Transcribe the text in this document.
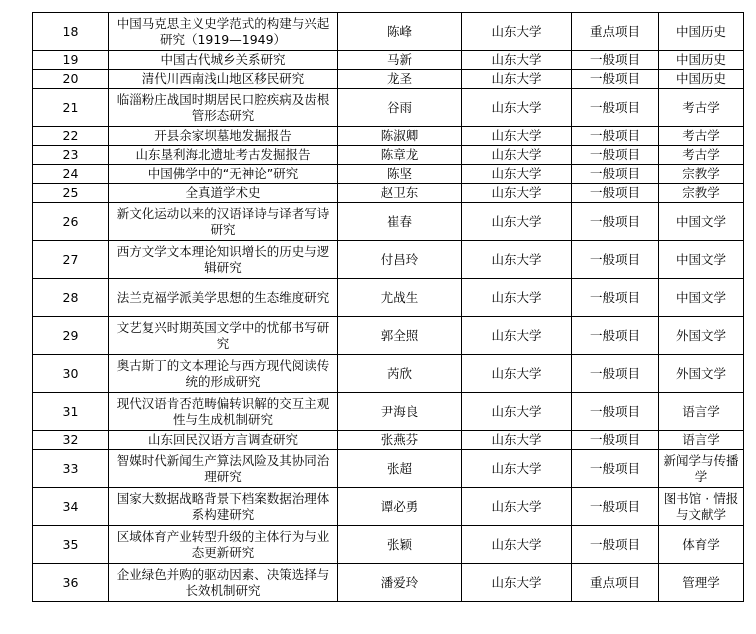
18	中国马克思主义史学范式的构建与兴起研究（1919—1949）	陈峰	山东大学	重点项目	中国历史
19	中国古代城乡关系研究	马新	山东大学	一般项目	中国历史
20	清代川西南浅山地区移民研究	龙圣	山东大学	一般项目	中国历史
21	临淄粉庄战国时期居民口腔疾病及齿根管形态研究	谷雨	山东大学	一般项目	考古学
22	开县余家坝墓地发掘报告	陈淑卿	山东大学	一般项目	考古学
23	山东垦利海北遗址考古发掘报告	陈章龙	山东大学	一般项目	考古学
24	中国佛学中的“无神论”研究	陈坚	山东大学	一般项目	宗教学
25	全真道学术史	赵卫东	山东大学	一般项目	宗教学
26	新文化运动以来的汉语译诗与译者写诗研究	崔春	山东大学	一般项目	中国文学
27	西方文学文本理论知识增长的历史与逻辑研究	付昌玲	山东大学	一般项目	中国文学
28	法兰克福学派美学思想的生态维度研究	尤战生	山东大学	一般项目	中国文学
29	文艺复兴时期英国文学中的忧郁书写研究	郭全照	山东大学	一般项目	外国文学
30	奥古斯丁的文本理论与西方现代阅读传统的形成研究	芮欣	山东大学	一般项目	外国文学
31	现代汉语肯否范畴偏转识解的交互主观性与生成机制研究	尹海良	山东大学	一般项目	语言学
32	山东回民汉语方言调查研究	张燕芬	山东大学	一般项目	语言学
33	智媒时代新闻生产算法风险及其协同治理研究	张超	山东大学	一般项目	新闻学与传播学
34	国家大数据战略背景下档案数据治理体系构建研究	谭必勇	山东大学	一般项目	图书馆 · 情报与文献学
35	区域体育产业转型升级的主体行为与业态更新研究	张颖	山东大学	一般项目	体育学
36	企业绿色并购的驱动因素、决策选择与长效机制研究	潘爱玲	山东大学	重点项目	管理学
